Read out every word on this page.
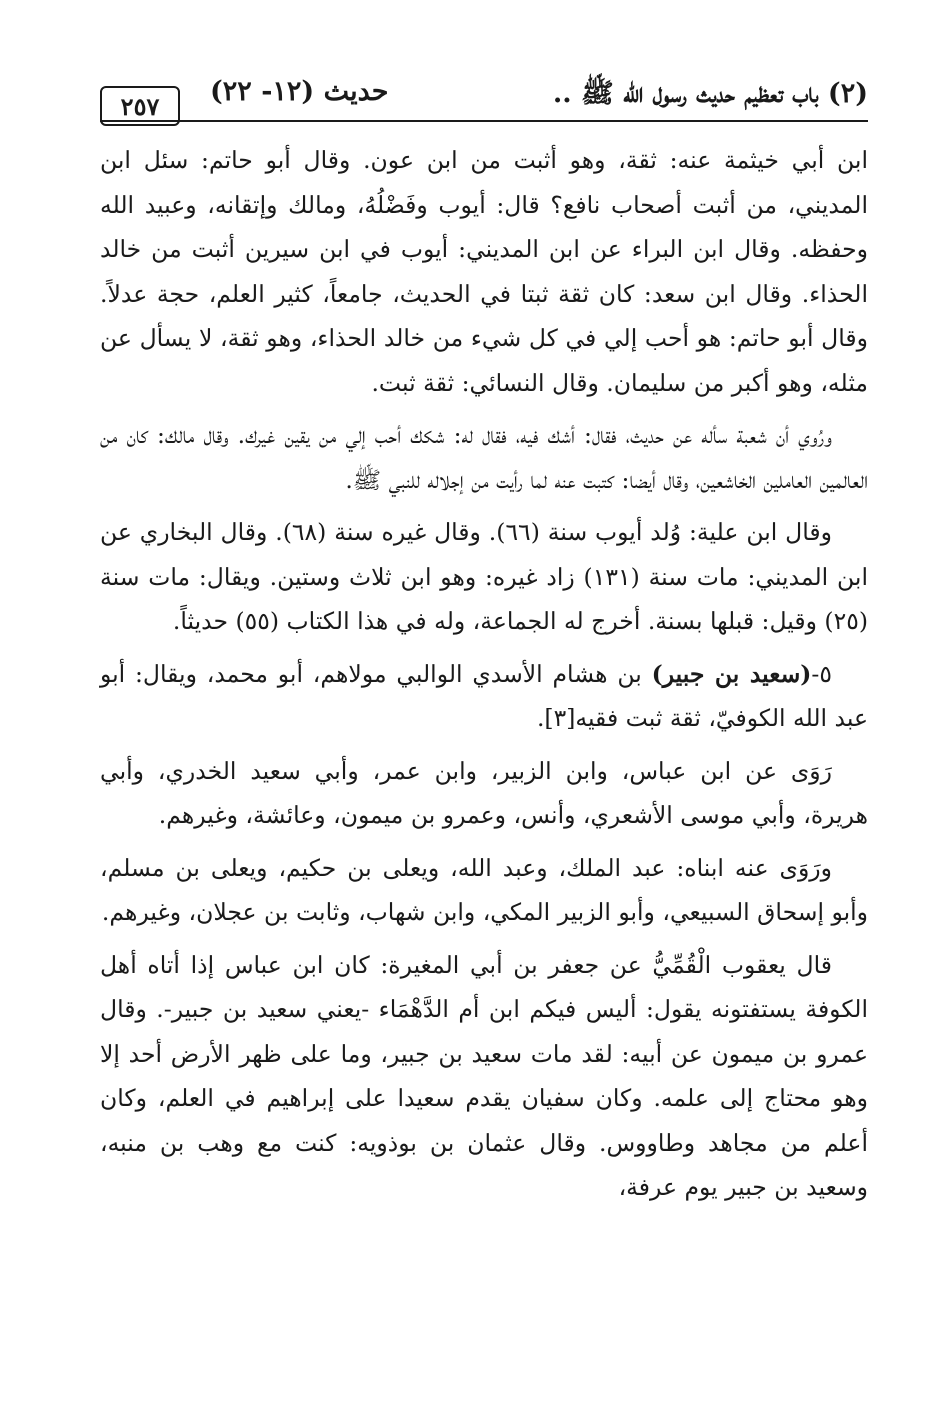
(٢) باب تعظيم حديث رسول الله ﷺ ..
حديث (١٢- ٢٢)
٢٥٧

ابن أبي خيثمة عنه: ثقة، وهو أثبت من ابن عون. وقال أبو حاتم: سئل ابن المديني، من أثبت أصحاب نافع؟ قال: أيوب وفَضْلُهُ، ومالك وإتقانه، وعبيد الله وحفظه. وقال ابن البراء عن ابن المديني: أيوب في ابن سيرين أثبت من خالد الحذاء. وقال ابن سعد: كان ثقة ثبتا في الحديث، جامعاً، كثير العلم، حجة عدلاً. وقال أبو حاتم: هو أحب إلي في كل شيء من خالد الحذاء، وهو ثقة، لا يسأل عن مثله، وهو أكبر من سليمان. وقال النسائي: ثقة ثبت.

ورُوي أن شعبة سأله عن حديث، فقال: أشك فيه، فقال له: شكك أحب إلي من يقين غيرك. وقال مالك: كان من العالمين العاملين الخاشعين، وقال أيضا: كتبت عنه لما رأيت من إجلاله للنبي ﷺ.

وقال ابن علية: وُلد أيوب سنة (٦٦). وقال غيره سنة (٦٨). وقال البخاري عن ابن المديني: مات سنة (١٣١) زاد غيره: وهو ابن ثلاث وستين. ويقال: مات سنة (٢٥) وقيل: قبلها بسنة. أخرج له الجماعة، وله في هذا الكتاب (٥٥) حديثاً.

٥-(سعيد بن جبير) بن هشام الأسدي الوالبي مولاهم، أبو محمد، ويقال: أبو عبد الله الكوفيّ، ثقة ثبت فقيه[٣].

رَوَى عن ابن عباس، وابن الزبير، وابن عمر، وأبي سعيد الخدري، وأبي هريرة، وأبي موسى الأشعري، وأنس، وعمرو بن ميمون، وعائشة، وغيرهم.

ورَوَى عنه ابناه: عبد الملك، وعبد الله، ويعلى بن حكيم، ويعلى بن مسلم، وأبو إسحاق السبيعي، وأبو الزبير المكي، وابن شهاب، وثابت بن عجلان، وغيرهم.

قال يعقوب الْقُمِّيُّ عن جعفر بن أبي المغيرة: كان ابن عباس إذا أتاه أهل الكوفة يستفتونه يقول: أليس فيكم ابن أم الدَّهْمَاء -يعني سعيد بن جبير-. وقال عمرو بن ميمون عن أبيه: لقد مات سعيد بن جبير، وما على ظهر الأرض أحد إلا وهو محتاج إلى علمه. وكان سفيان يقدم سعيدا على إبراهيم في العلم، وكان أعلم من مجاهد وطاووس. وقال عثمان بن بوذويه: كنت مع وهب بن منبه، وسعيد بن جبير يوم عرفة،
